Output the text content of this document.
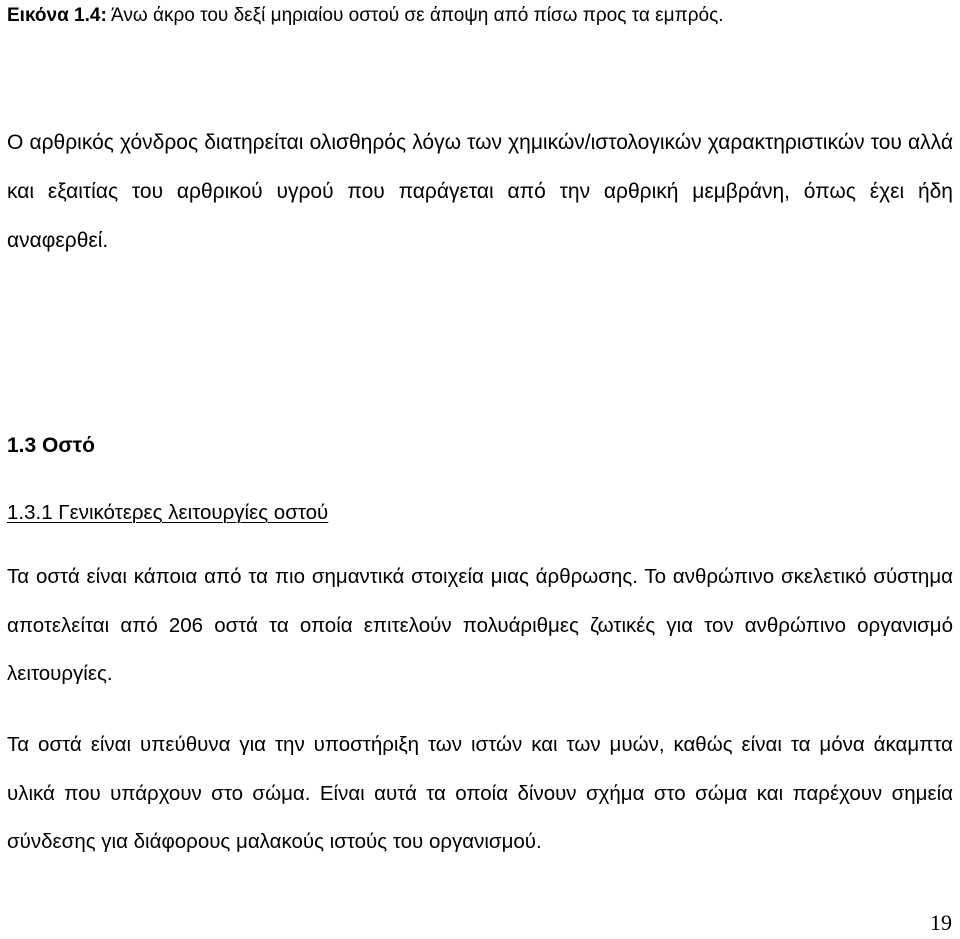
Εικόνα 1.4: Άνω άκρο του δεξί μηριαίου οστού σε άποψη από πίσω προς τα εμπρός.

Ο αρθρικός χόνδρος διατηρείται ολισθηρός λόγω των χημικών/ιστολογικών χαρακτηριστικών του αλλά και εξαιτίας του αρθρικού υγρού που παράγεται από την αρθρική μεμβράνη, όπως έχει ήδη αναφερθεί.

1.3 Οστό
1.3.1 Γενικότερες λειτουργίες οστού

Τα οστά είναι κάποια από τα πιο σημαντικά στοιχεία μιας άρθρωσης. Το ανθρώπινο σκελετικό σύστημα αποτελείται από 206 οστά τα οποία επιτελούν πολυάριθμες ζωτικές για τον ανθρώπινο οργανισμό λειτουργίες.

Τα οστά είναι υπεύθυνα για την υποστήριξη των ιστών και των μυών, καθώς είναι τα μόνα άκαμπτα υλικά που υπάρχουν στο σώμα. Είναι αυτά τα οποία δίνουν σχήμα στο σώμα και παρέχουν σημεία σύνδεσης για διάφορους μαλακούς ιστούς του οργανισμού.

19
